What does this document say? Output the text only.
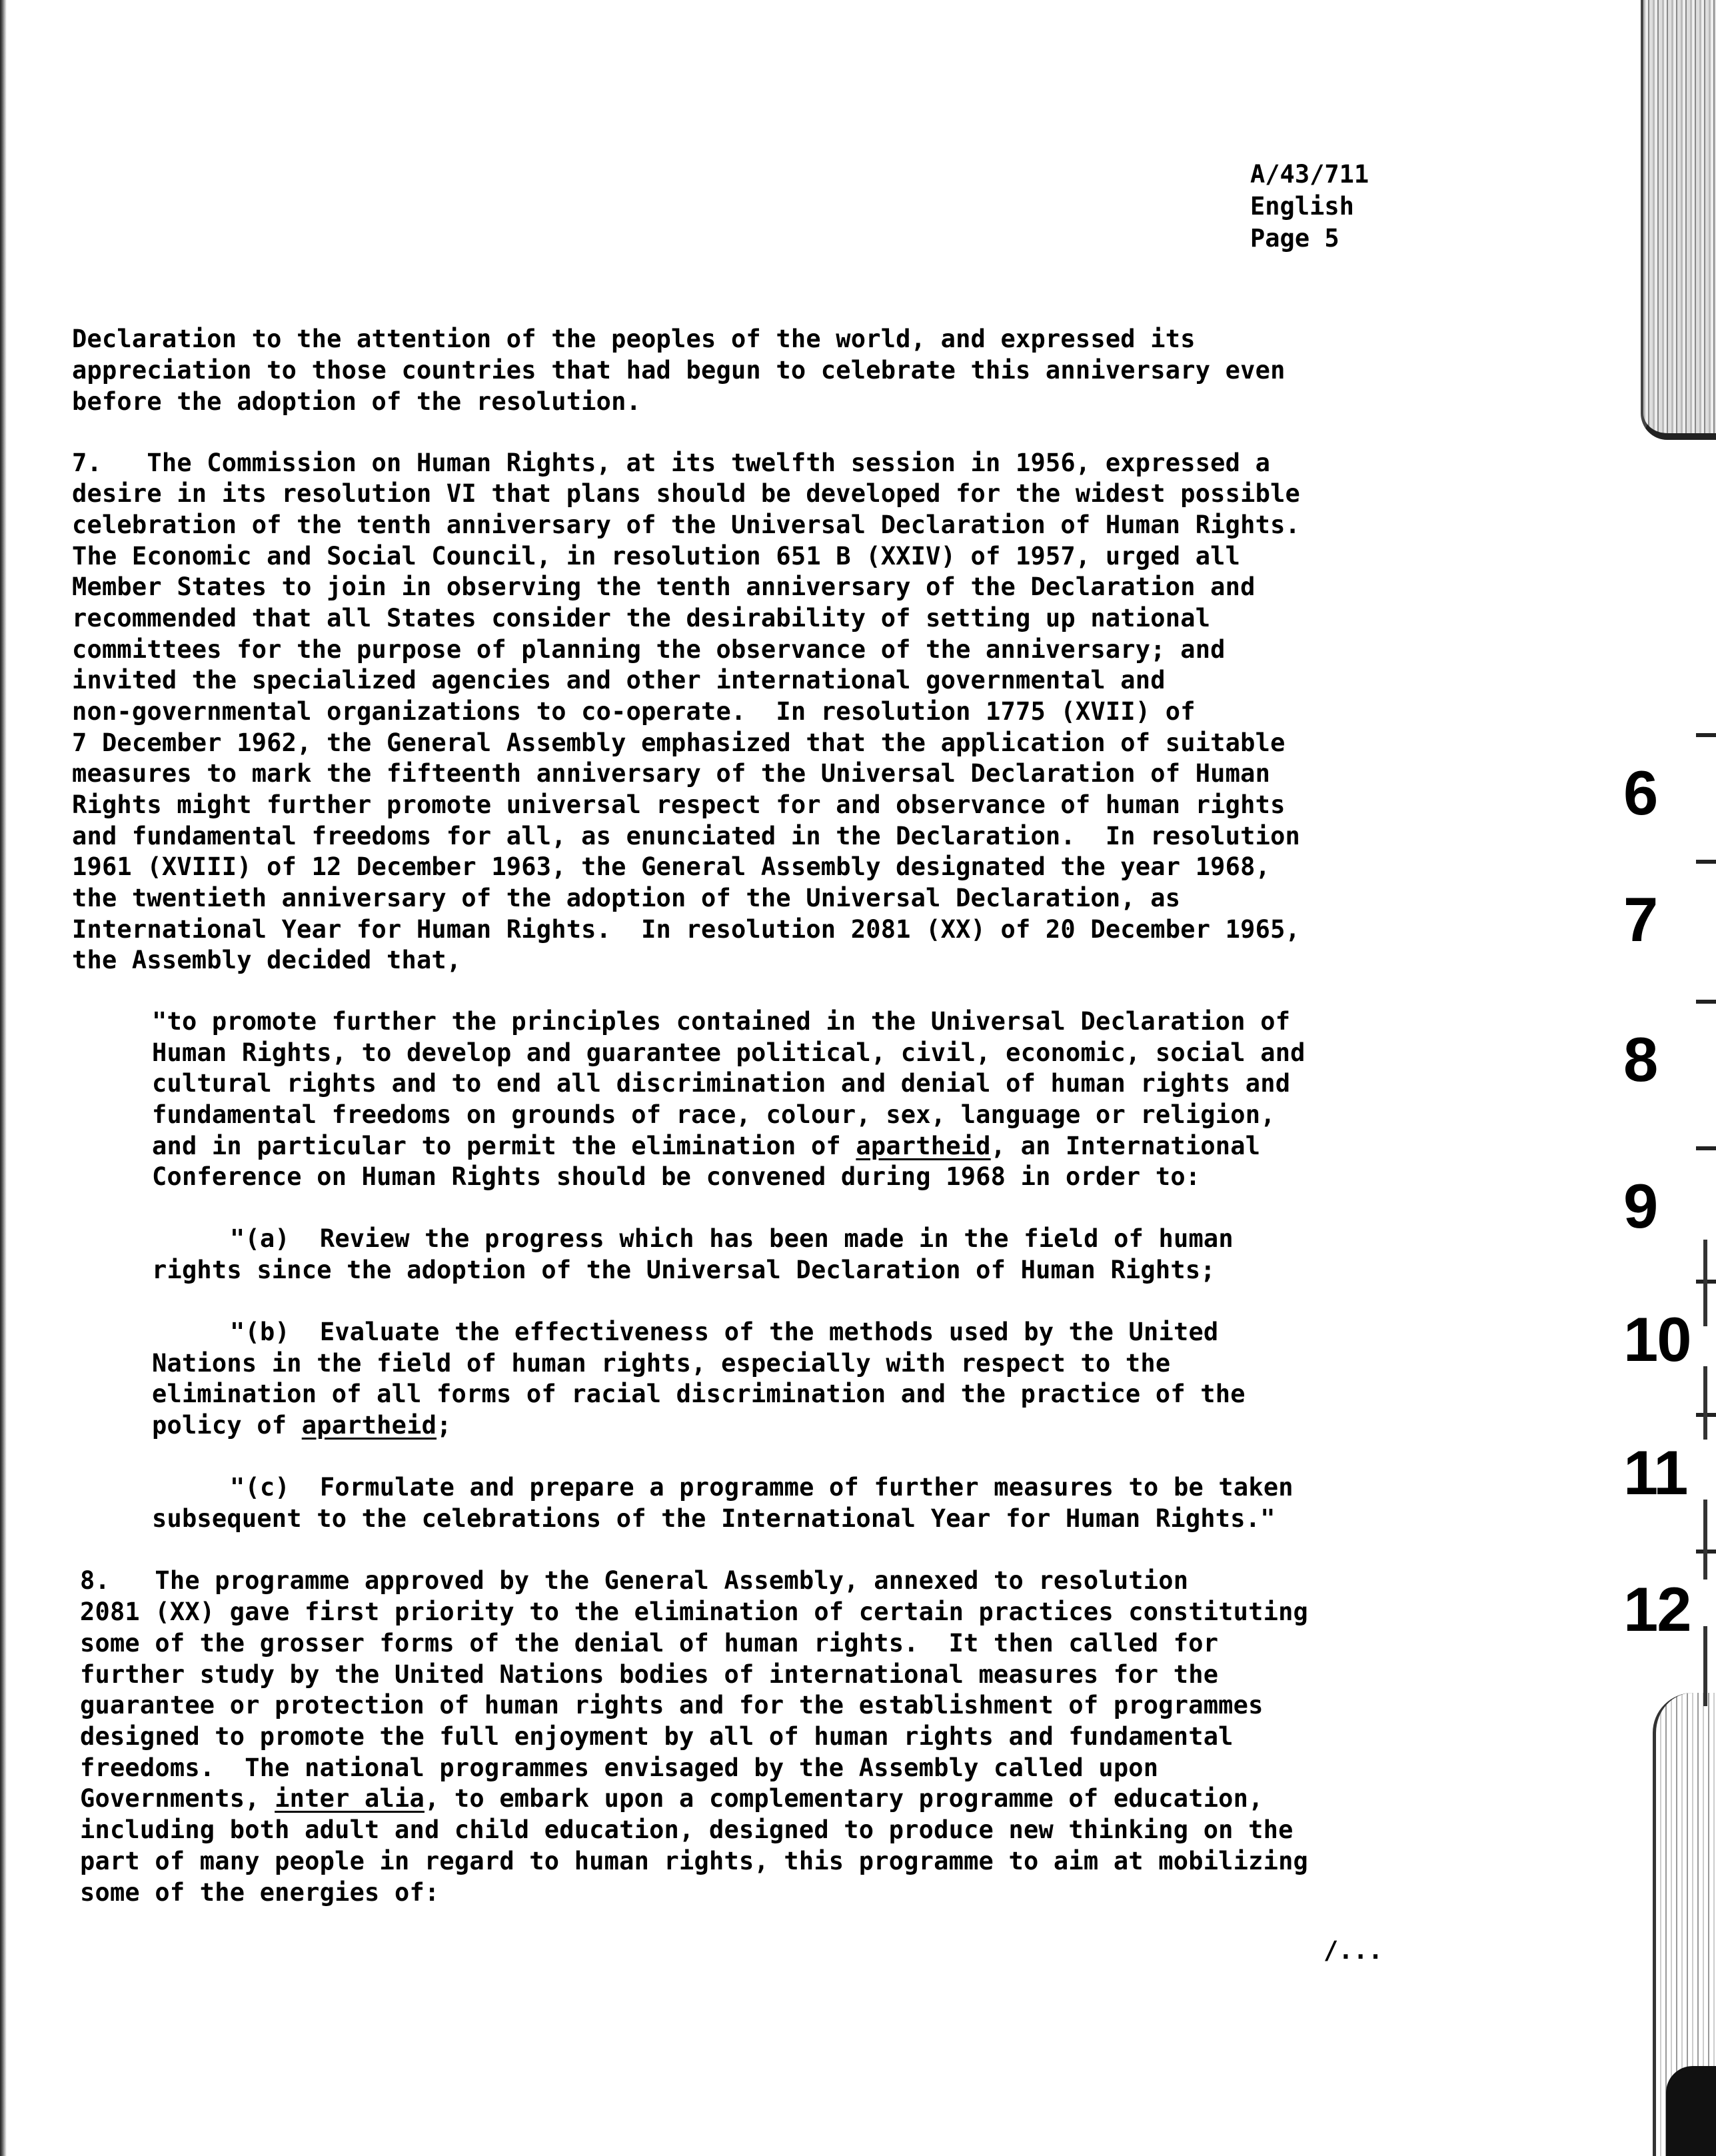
A/43/711
English
Page 5
Declaration to the attention of the peoples of the world, and expressed its
appreciation to those countries that had begun to celebrate this anniversary even
before the adoption of the resolution.
7.   The Commission on Human Rights, at its twelfth session in 1956, expressed a
desire in its resolution VI that plans should be developed for the widest possible
celebration of the tenth anniversary of the Universal Declaration of Human Rights.
The Economic and Social Council, in resolution 651 B (XXIV) of 1957, urged all
Member States to join in observing the tenth anniversary of the Declaration and
recommended that all States consider the desirability of setting up national
committees for the purpose of planning the observance of the anniversary; and
invited the specialized agencies and other international governmental and
non-governmental organizations to co-operate.  In resolution 1775 (XVII) of
7 December 1962, the General Assembly emphasized that the application of suitable
measures to mark the fifteenth anniversary of the Universal Declaration of Human
Rights might further promote universal respect for and observance of human rights
and fundamental freedoms for all, as enunciated in the Declaration.  In resolution
1961 (XVIII) of 12 December 1963, the General Assembly designated the year 1968,
the twentieth anniversary of the adoption of the Universal Declaration, as
International Year for Human Rights.  In resolution 2081 (XX) of 20 December 1965,
the Assembly decided that,
"to promote further the principles contained in the Universal Declaration of
Human Rights, to develop and guarantee political, civil, economic, social and
cultural rights and to end all discrimination and denial of human rights and
fundamental freedoms on grounds of race, colour, sex, language or religion,
and in particular to permit the elimination of apartheid, an International
Conference on Human Rights should be convened during 1968 in order to:
"(a)  Review the progress which has been made in the field of human
rights since the adoption of the Universal Declaration of Human Rights;
"(b)  Evaluate the effectiveness of the methods used by the United
Nations in the field of human rights, especially with respect to the
elimination of all forms of racial discrimination and the practice of the
policy of apartheid;
"(c)  Formulate and prepare a programme of further measures to be taken
subsequent to the celebrations of the International Year for Human Rights."
8.   The programme approved by the General Assembly, annexed to resolution
2081 (XX) gave first priority to the elimination of certain practices constituting
some of the grosser forms of the denial of human rights.  It then called for
further study by the United Nations bodies of international measures for the
guarantee or protection of human rights and for the establishment of programmes
designed to promote the full enjoyment by all of human rights and fundamental
freedoms.  The national programmes envisaged by the Assembly called upon
Governments, inter alia, to embark upon a complementary programme of education,
including both adult and child education, designed to produce new thinking on the
part of many people in regard to human rights, this programme to aim at mobilizing
some of the energies of:
/...
6
7
8
9
10
11
12
